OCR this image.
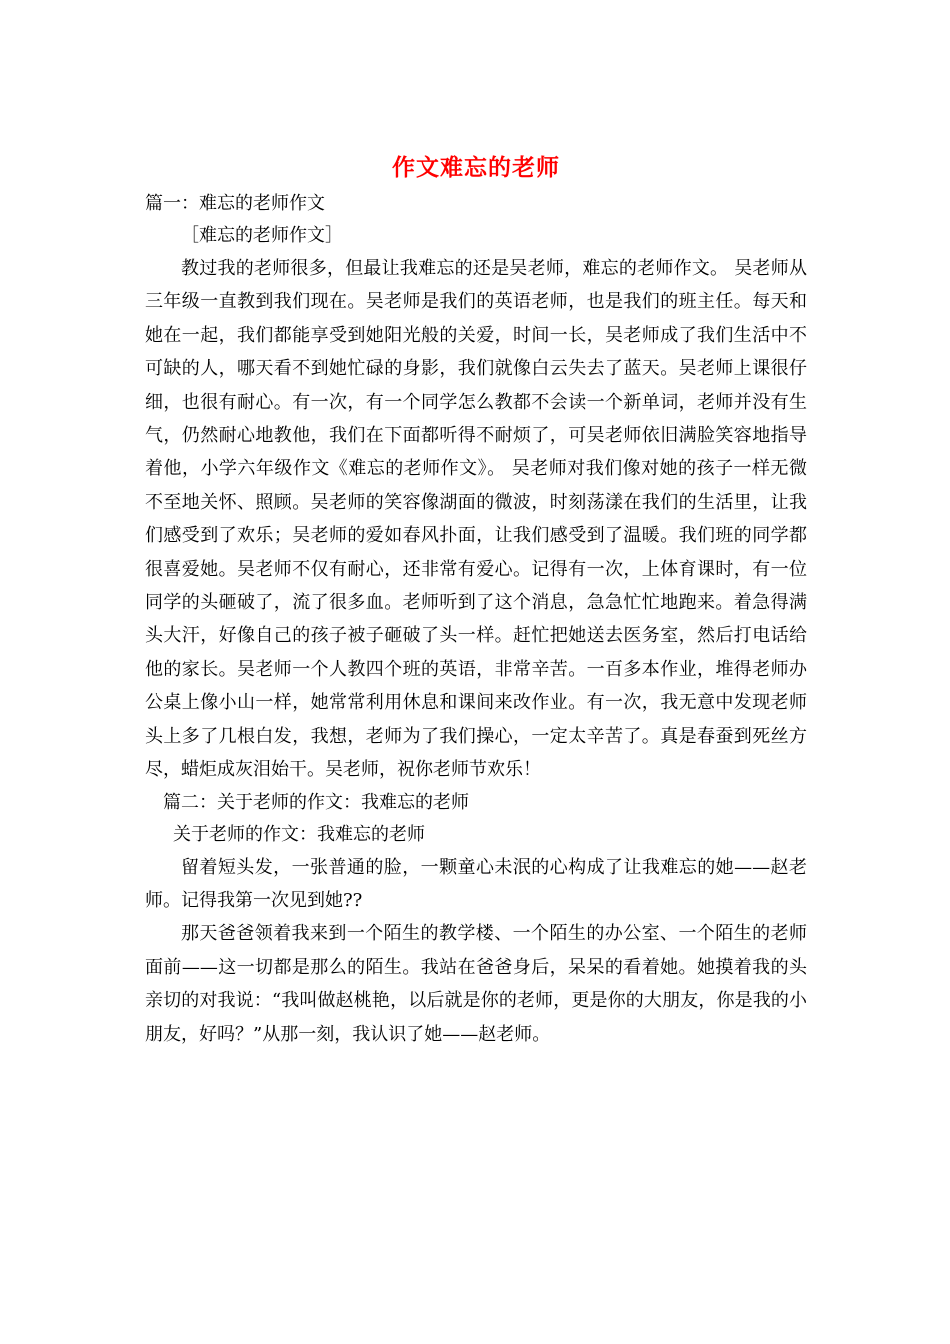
作文难忘的老师

篇一：难忘的老师作文

［难忘的老师作文］

教过我的老师很多，但最让我难忘的还是吴老师，难忘的老师作文。 吴老师从三年级一直教到我们现在。吴老师是我们的英语老师，也是我们的班主任。每天和她在一起，我们都能享受到她阳光般的关爱，时间一长，吴老师成了我们生活中不可缺的人，哪天看不到她忙碌的身影，我们就像白云失去了蓝天。吴老师上课很仔细，也很有耐心。有一次，有一个同学怎么教都不会读一个新单词，老师并没有生气，仍然耐心地教他，我们在下面都听得不耐烦了，可吴老师依旧满脸笑容地指导着他，小学六年级作文《难忘的老师作文》。 吴老师对我们像对她的孩子一样无微不至地关怀、照顾。吴老师的笑容像湖面的微波，时刻荡漾在我们的生活里，让我们感受到了欢乐；吴老师的爱如春风扑面，让我们感受到了温暖。我们班的同学都很喜爱她。吴老师不仅有耐心，还非常有爱心。记得有一次，上体育课时，有一位同学的头砸破了，流了很多血。老师听到了这个消息，急急忙忙地跑来。着急得满头大汗，好像自己的孩子被子砸破了头一样。赶忙把她送去医务室，然后打电话给他的家长。吴老师一个人教四个班的英语，非常辛苦。一百多本作业，堆得老师办公桌上像小山一样，她常常利用休息和课间来改作业。有一次，我无意中发现老师头上多了几根白发，我想，老师为了我们操心，一定太辛苦了。真是春蚕到死丝方尽，蜡炬成灰泪始干。吴老师，祝你老师节欢乐！

篇二：关于老师的作文：我难忘的老师

关于老师的作文：我难忘的老师

留着短头发，一张普通的脸，一颗童心未泯的心构成了让我难忘的她——赵老师。记得我第一次见到她??

那天爸爸领着我来到一个陌生的教学楼、一个陌生的办公室、一个陌生的老师面前——这一切都是那么的陌生。我站在爸爸身后，呆呆的看着她。她摸着我的头亲切的对我说：“我叫做赵桃艳，以后就是你的老师，更是你的大朋友，你是我的小朋友，好吗？”从那一刻，我认识了她——赵老师。
